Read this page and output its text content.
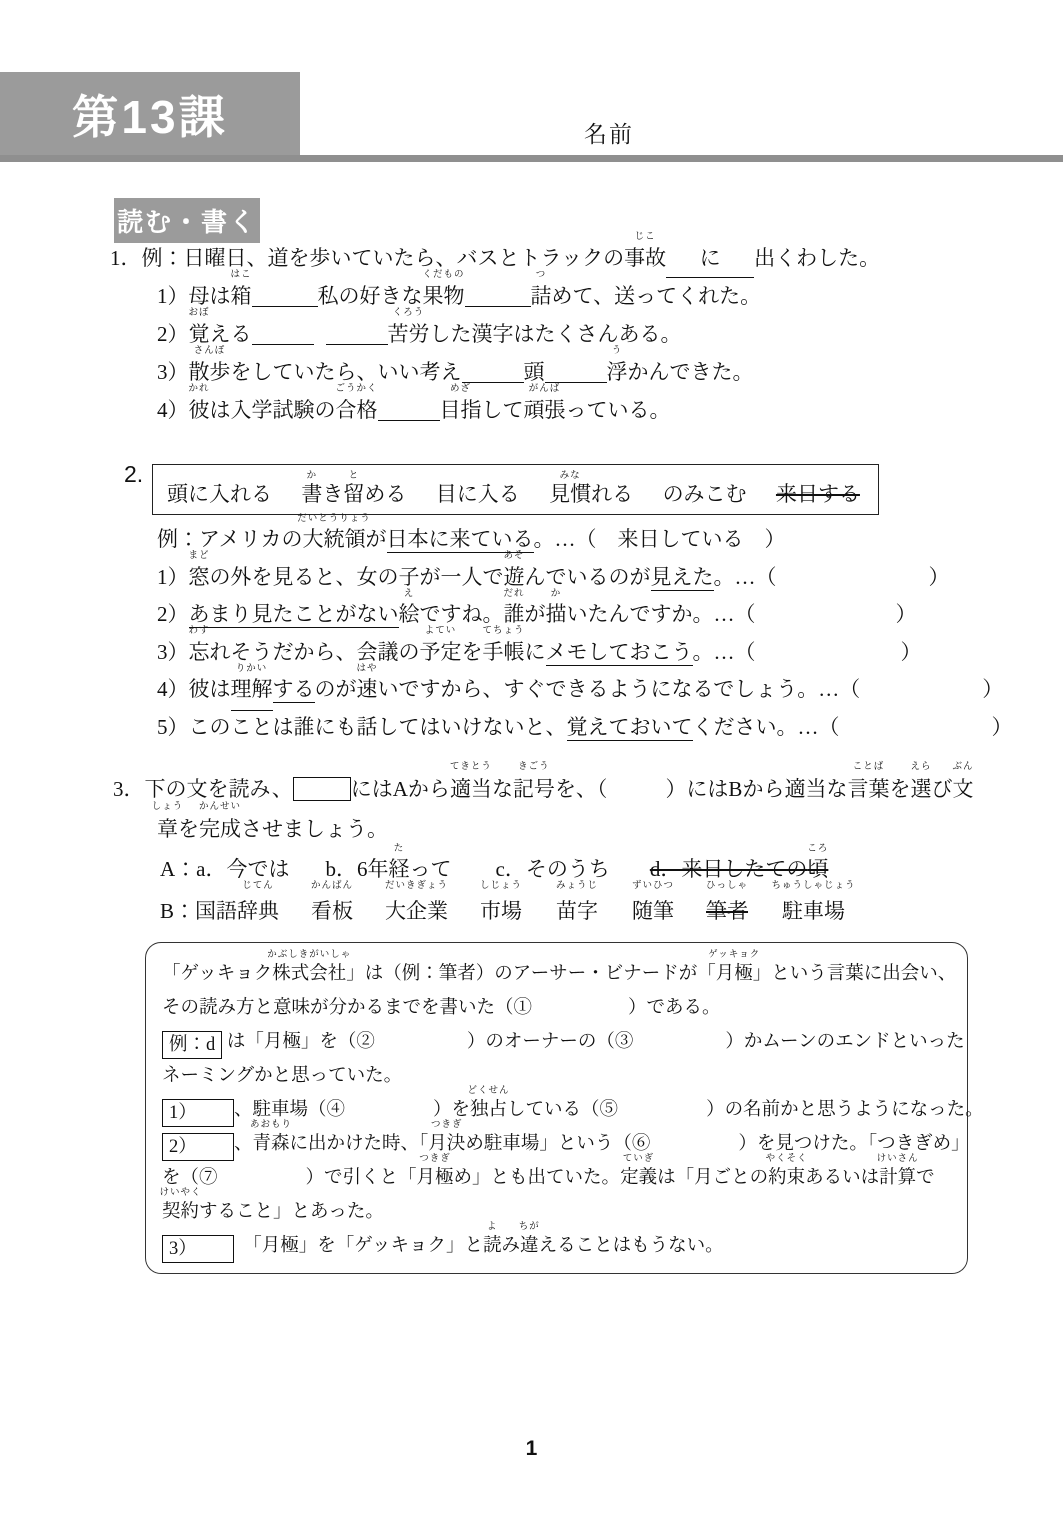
第13課	名前
読む・書く
1．例：日曜日、道を歩いていたら、バスとトラックの
じこ
事故 に 出くわした。
1）母は
はこ
箱	私の好きな
くだもの
果物
つ
詰めて、送ってくれた。
2）
おぼ
覚える
くろう
苦労した漢字はたくさんある。
3）
さんぽ
散歩をしていたら、いい考え	頭
う
浮かんできた。
4）
かれ
彼は入学試験の
ごうかく
合格
めざ
目指して
がんば
頑張っている。
2.
頭に入れる
か
書き
と
留める 目に入る
みな
見慣れる のみこむ 来日する
例：アメリカの
だいとうりょう
大統領が日本に来ている。…（　来日している　）
1）
まど
窓の外を見ると、女の子が一人で
あそ
遊んでいるのが見えた。…（	）
2）あまり見たことがない
え
絵ですね。
だれ
誰が
か
描いたんですか。…（	）
3）
わす
忘れそうだから、会議の
よてい
予定を
てちょう
手帳にメモしておこう。…（	）
4）彼は
りかい
理解するのが
はや
速いですから、すぐできるようになるでしょう。…（	）
5）このことは誰にも話してはいけないと、覚えておいてください。…（	）
3．下の文を読み、	にはAから
てきとう
適当な
きごう
記号を、（	）にはBから適当な
ことば
言葉を
えら
選び
ぶん
文
しょう
章を
かんせい
完成させましょう。
A：a．今では b．6年
た
経って c．そのうち d．来日したての
ころ
頃
B：国語
じてん
辞典
かんばん
看板
だいきぎょう
大企業
しじょう
市場
みょうじ
苗字
ずいひつ
随筆
ひっしゃ
筆者
ちゅうしゃじょう
駐車場
「ゲッキョク
かぶしきがいしゃ
株式会社」は（例：筆者）のアーサー・ビナードが「
ゲッキョク
月極」という言葉に出会い、
その読み方と意味が分かるまでを書いた（①	）である。
例：d は「月極」を（②	）のオーナーの（③	）かムーンのエンドといった
ネーミングかと思っていた。
1） 、駐車場（④	）を
どくせん
独占している（⑤	）の名前かと思うようになった。
2） 、
あおもり
青森に出かけた時、「
つきぎ
月決め駐車場」という（⑥	）を見つけた。「つきぎめ」
を（⑦	）で引くと「
つきぎ
月極め」とも出ていた。
ていぎ
定義は「月ごとの
やくそく
約束あるいは
けいさん
計算で
けいやく
契約すること」とあった。
3）　「月極」を「ゲッキョク」と
よ
読み
ちが
違えることはもうない。
1
